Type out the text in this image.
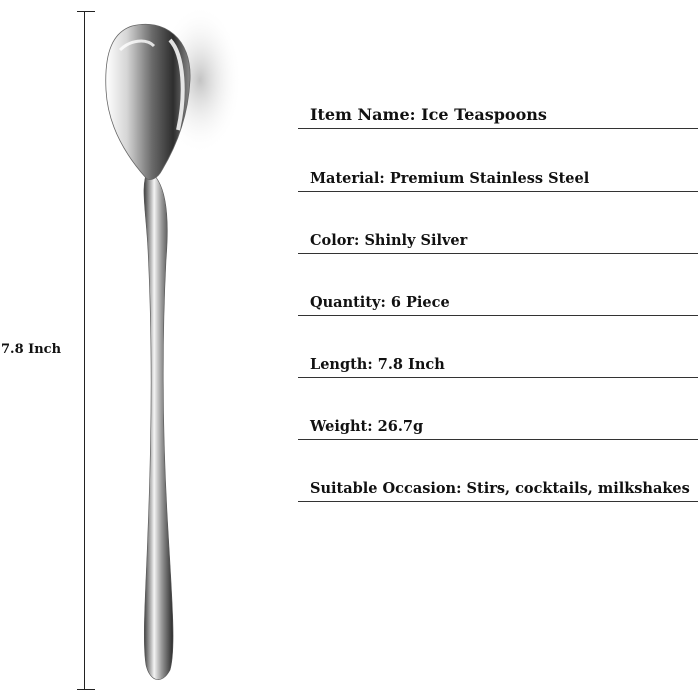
7.8 Inch
Item Name: Ice Teaspoons
Material: Premium Stainless Steel
Color: Shinly Silver
Quantity: 6 Piece
Length: 7.8 Inch
Weight: 26.7g
Suitable Occasion: Stirs, cocktails, milkshakes
